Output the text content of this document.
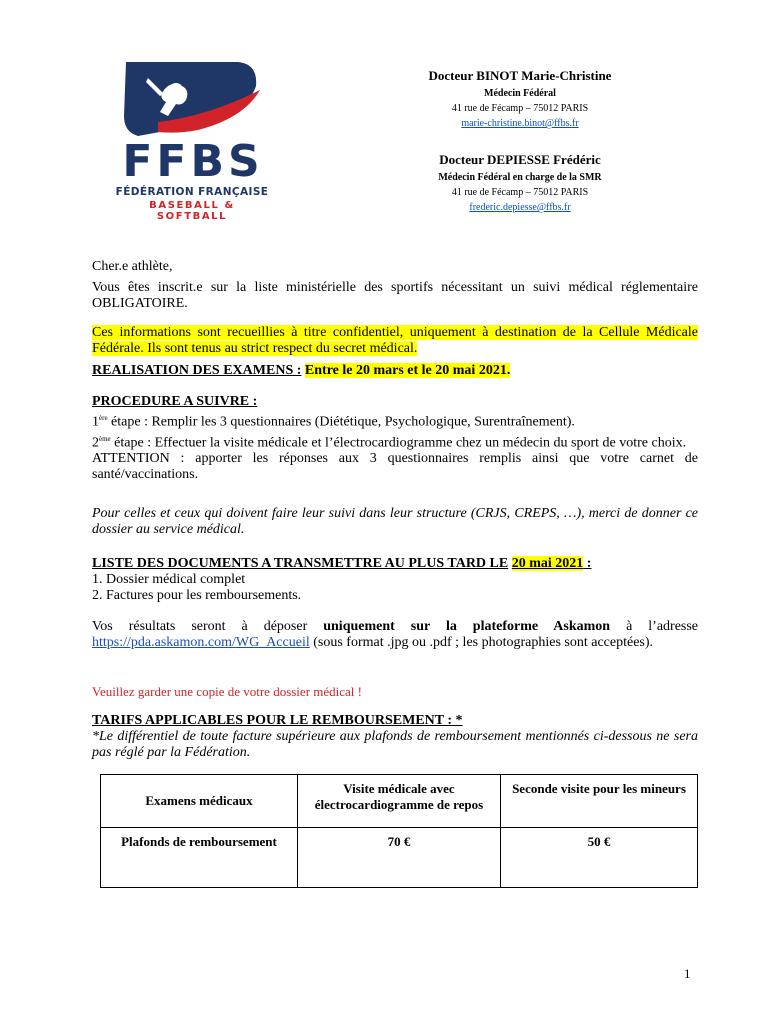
FFBS
FÉDÉRATION FRANÇAISE
BASEBALL & SOFTBALL
Docteur BINOT Marie-Christine
Médecin Fédéral
41 rue de Fécamp – 75012 PARIS
marie-christine.binot@ffbs.fr
Docteur DEPIESSE Frédéric
Médecin Fédéral en charge de la SMR
41 rue de Fécamp – 75012 PARIS
frederic.depiesse@ffbs.fr
Cher.e athlète,
Vous êtes inscrit.e sur la liste ministérielle des sportifs nécessitant un suivi médical réglementaire OBLIGATOIRE.
Ces informations sont recueillies à titre confidentiel, uniquement à destination de la Cellule Médicale Fédérale. Ils sont tenus au strict respect du secret médical.
REALISATION DES EXAMENS : Entre le 20 mars et le 20 mai 2021.
PROCEDURE A SUIVRE :
1ère étape : Remplir les 3 questionnaires (Diététique, Psychologique, Surentraînement).
2ème étape : Effectuer la visite médicale et l’électrocardiogramme chez un médecin du sport de votre choix.
ATTENTION : apporter les réponses aux 3 questionnaires remplis ainsi que votre carnet de santé/vaccinations.
Pour celles et ceux qui doivent faire leur suivi dans leur structure (CRJS, CREPS, …), merci de donner ce dossier au service médical.
LISTE DES DOCUMENTS A TRANSMETTRE AU PLUS TARD LE 20 mai 2021 :
1. Dossier médical complet
2. Factures pour les remboursements.
Vos résultats seront à déposer uniquement sur la plateforme Askamon à l’adresse https://pda.askamon.com/WG_Accueil (sous format .jpg ou .pdf ; les photographies sont acceptées).
Veuillez garder une copie de votre dossier médical !
TARIFS APPLICABLES POUR LE REMBOURSEMENT : *
*Le différentiel de toute facture supérieure aux plafonds de remboursement mentionnés ci-dessous ne sera pas réglé par la Fédération.
Examens médicaux	Visite médicale avec électrocardiogramme de repos	Seconde visite pour les mineurs
Plafonds de remboursement	70 €	50 €
1
